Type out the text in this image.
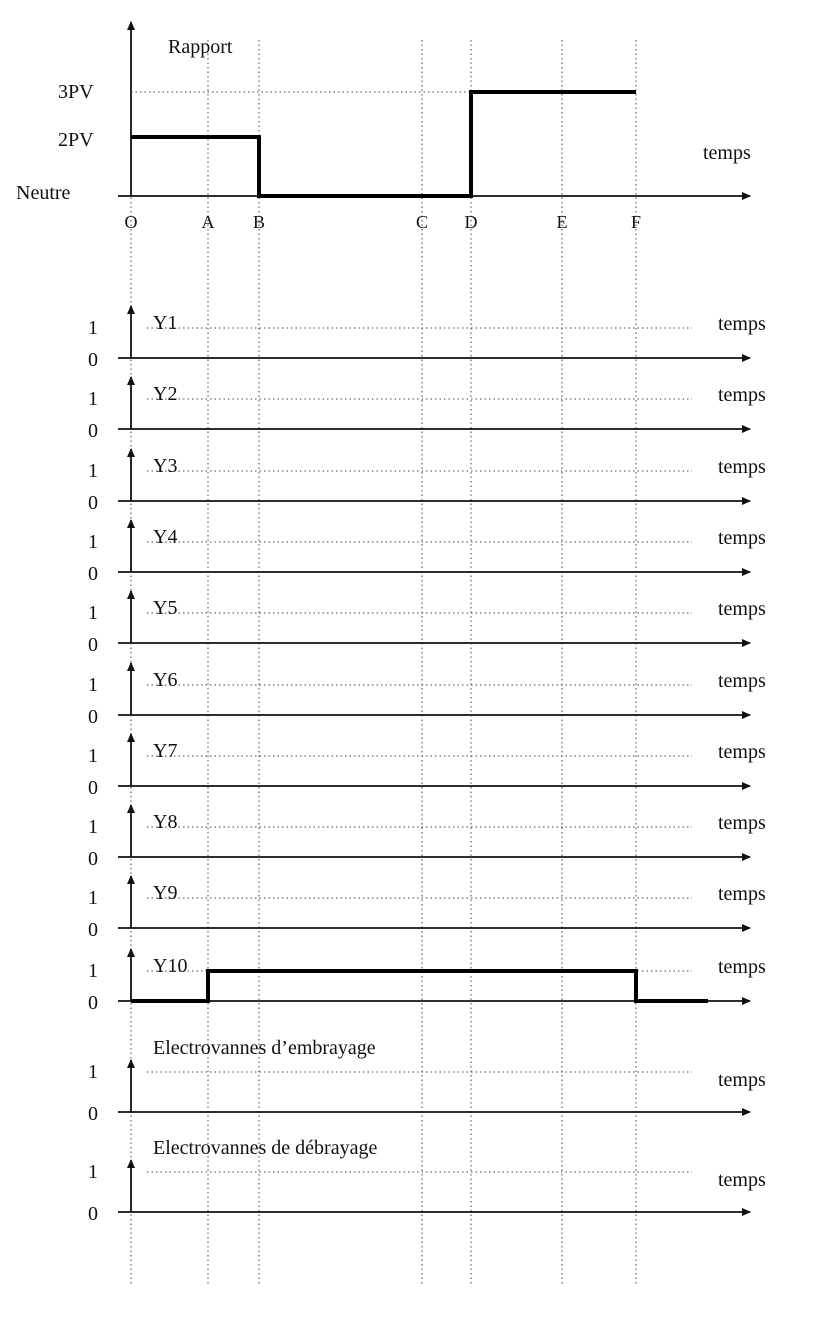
Rapport
Neutre
2PV
3PV
temps
O	A B	C D	E	F
Y1
1
0
temps
Y2
1
0
temps
Y3
1
0
temps
Y4
1
0
temps
Y5
1
0
temps
Y6
1
0
temps
Y7
1
0
temps
Y8
1
0
temps
Y9
1
0
temps
Y10
1
0
temps
Electrovannes d’embrayage
1
0
temps
Electrovannes de débrayage
1
0
temps
